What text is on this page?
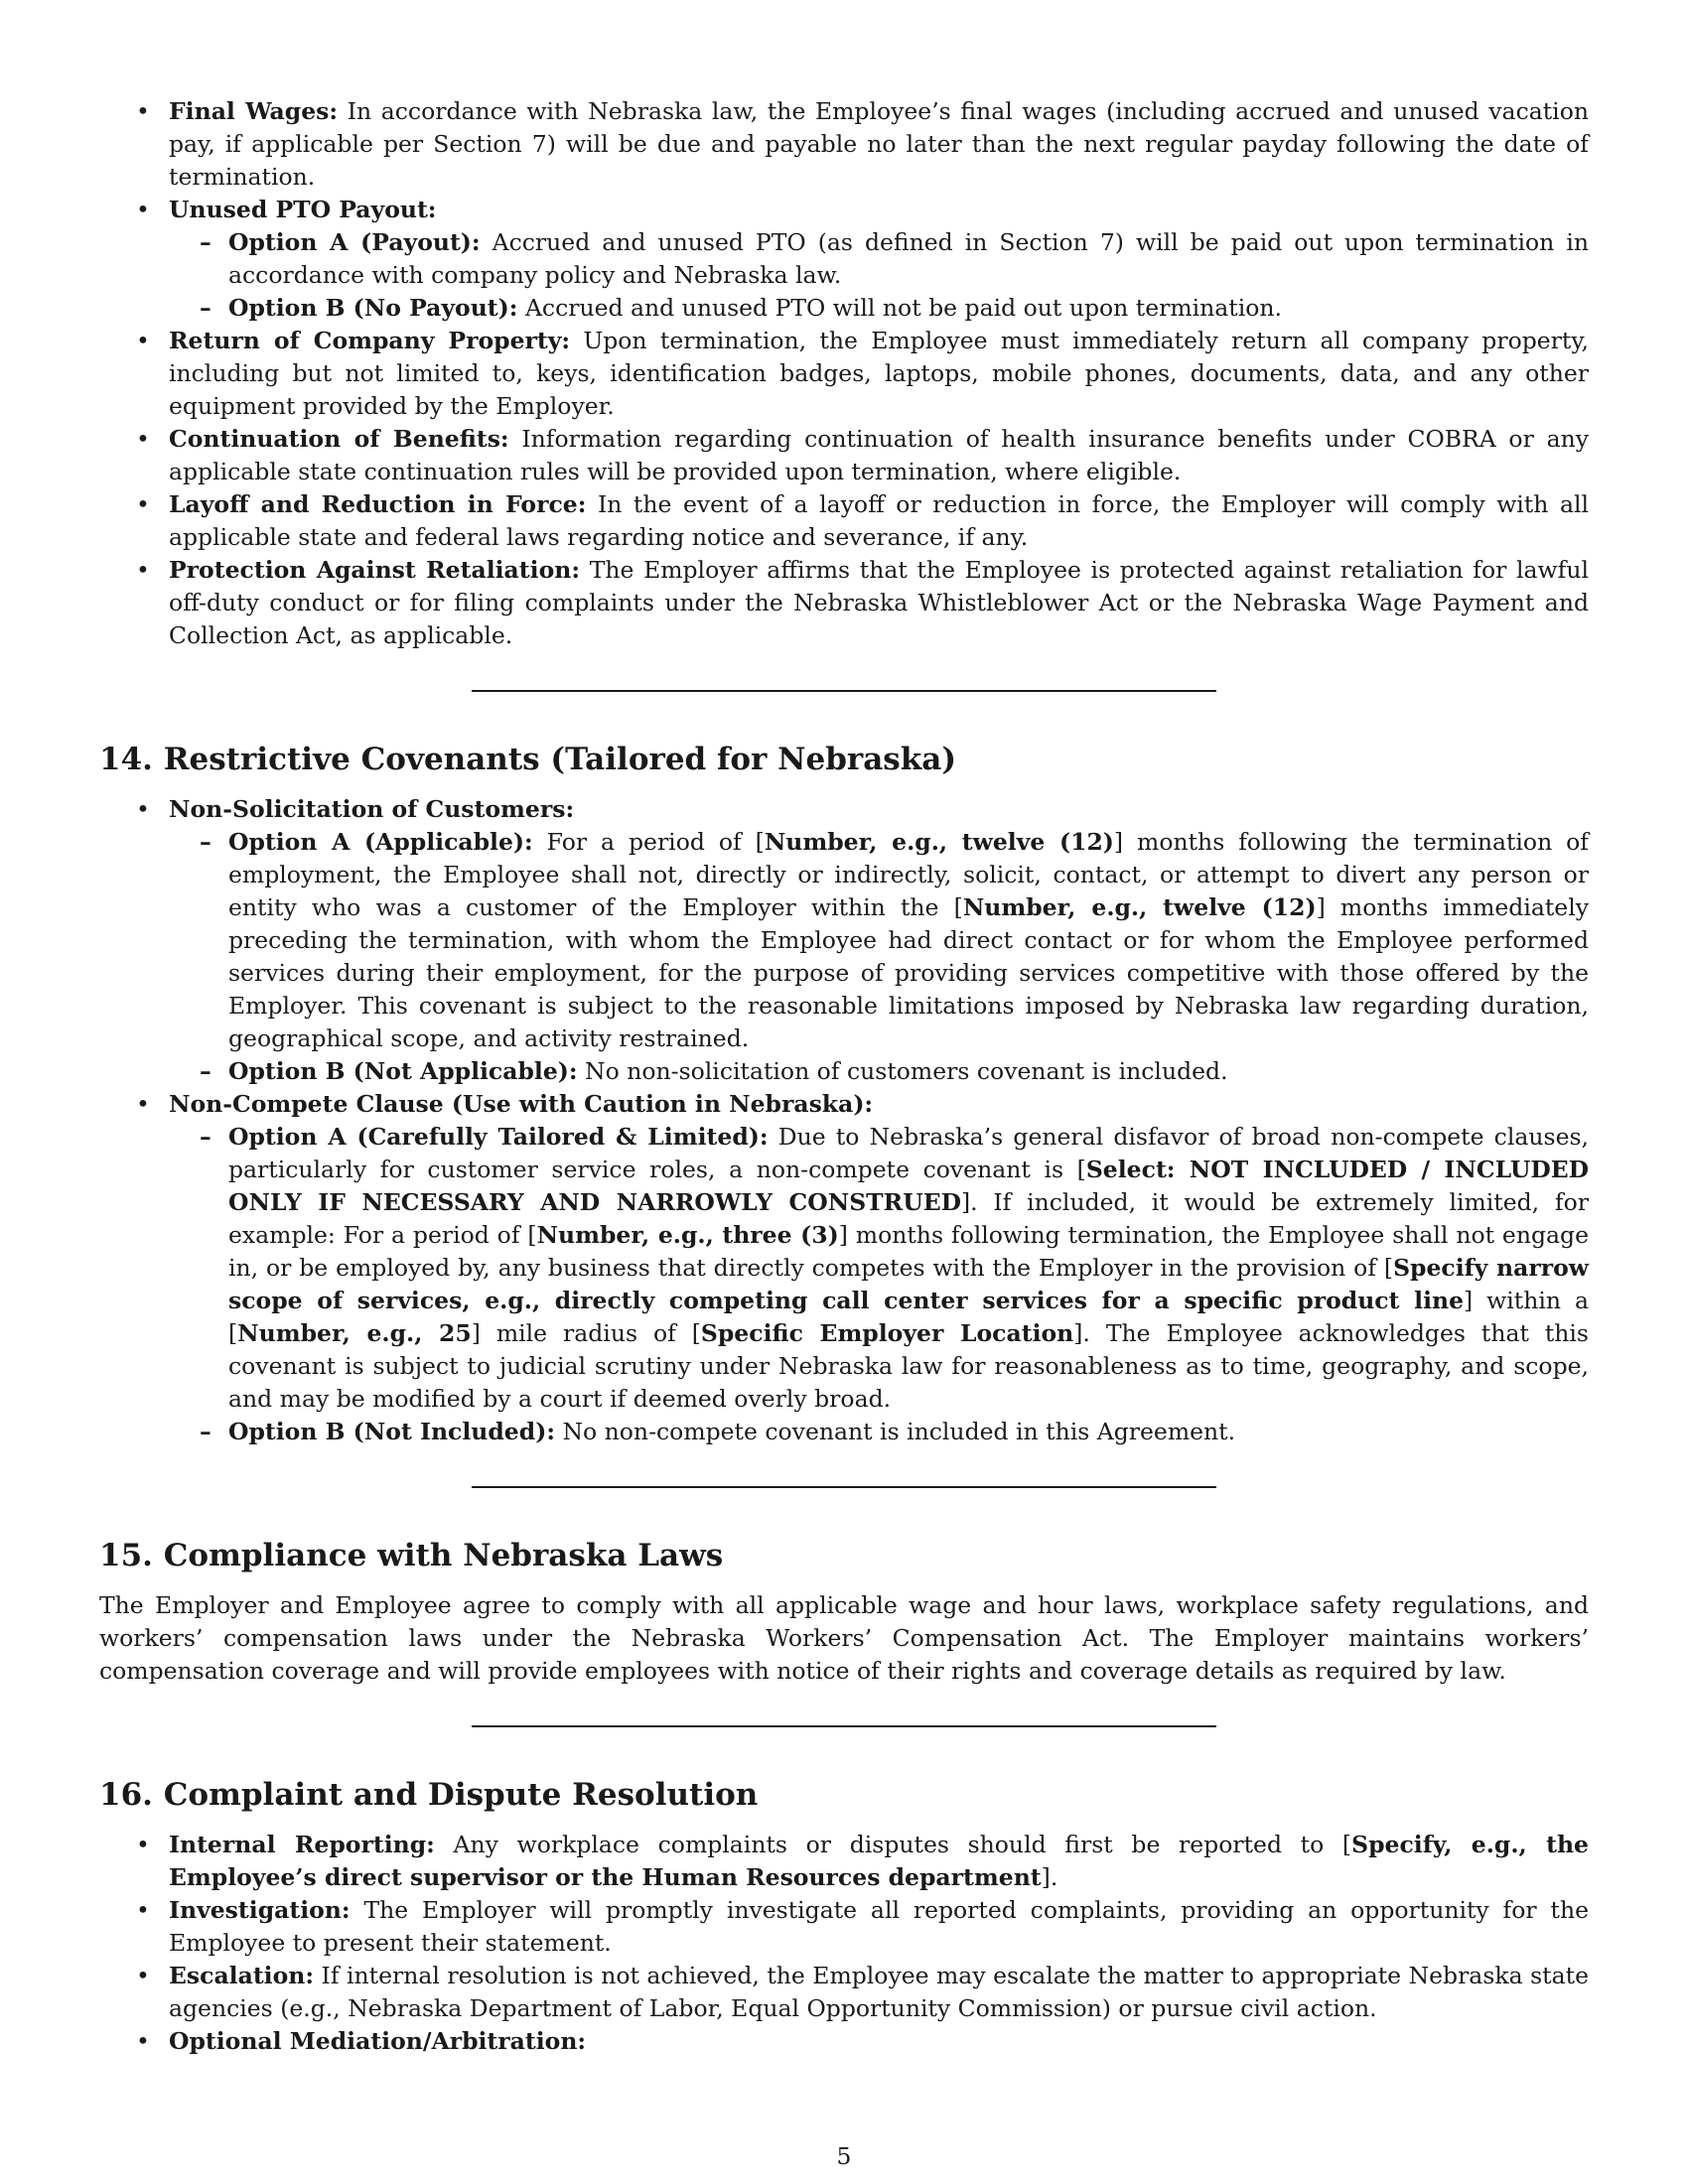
• Final Wages: In accordance with Nebraska law, the Employee’s final wages (including accrued and unused vacation pay, if applicable per Section 7) will be due and payable no later than the next regular payday following the date of termination.
• Unused PTO Payout:
– Option A (Payout): Accrued and unused PTO (as defined in Section 7) will be paid out upon termination in accordance with company policy and Nebraska law.
– Option B (No Payout): Accrued and unused PTO will not be paid out upon termination.
• Return of Company Property: Upon termination, the Employee must immediately return all company property, including but not limited to, keys, identification badges, laptops, mobile phones, documents, data, and any other equipment provided by the Employer.
• Continuation of Benefits: Information regarding continuation of health insurance benefits under COBRA or any applicable state continuation rules will be provided upon termination, where eligible.
• Layoff and Reduction in Force: In the event of a layoff or reduction in force, the Employer will comply with all applicable state and federal laws regarding notice and severance, if any.
• Protection Against Retaliation: The Employer affirms that the Employee is protected against retaliation for lawful off-duty conduct or for filing complaints under the Nebraska Whistleblower Act or the Nebraska Wage Payment and Collection Act, as applicable.
14. Restrictive Covenants (Tailored for Nebraska)
• Non-Solicitation of Customers:
– Option A (Applicable): For a period of [Number, e.g., twelve (12)] months following the termination of employment, the Employee shall not, directly or indirectly, solicit, contact, or attempt to divert any person or entity who was a customer of the Employer within the [Number, e.g., twelve (12)] months immediately preceding the termination, with whom the Employee had direct contact or for whom the Employee performed services during their employment, for the purpose of providing services competitive with those offered by the Employer. This covenant is subject to the reasonable limitations imposed by Nebraska law regarding duration, geographical scope, and activity restrained.
– Option B (Not Applicable): No non-solicitation of customers covenant is included.
• Non-Compete Clause (Use with Caution in Nebraska):
– Option A (Carefully Tailored & Limited): Due to Nebraska’s general disfavor of broad non-compete clauses, particularly for customer service roles, a non-compete covenant is [Select: NOT INCLUDED / INCLUDED ONLY IF NECESSARY AND NARROWLY CONSTRUED]. If included, it would be extremely limited, for example: For a period of [Number, e.g., three (3)] months following termination, the Employee shall not engage in, or be employed by, any business that directly competes with the Employer in the provision of [Specify narrow scope of services, e.g., directly competing call center services for a specific product line] within a [Number, e.g., 25] mile radius of [Specific Employer Location]. The Employee acknowledges that this covenant is subject to judicial scrutiny under Nebraska law for reasonableness as to time, geography, and scope, and may be modified by a court if deemed overly broad.
– Option B (Not Included): No non-compete covenant is included in this Agreement.
15. Compliance with Nebraska Laws

The Employer and Employee agree to comply with all applicable wage and hour laws, workplace safety regulations, and workers’ compensation laws under the Nebraska Workers’ Compensation Act. The Employer maintains workers’ compensation coverage and will provide employees with notice of their rights and coverage details as required by law.

16. Complaint and Dispute Resolution
• Internal Reporting: Any workplace complaints or disputes should first be reported to [Specify, e.g., the Employee’s direct supervisor or the Human Resources department].
• Investigation: The Employer will promptly investigate all reported complaints, providing an opportunity for the Employee to present their statement.
• Escalation: If internal resolution is not achieved, the Employee may escalate the matter to appropriate Nebraska state agencies (e.g., Nebraska Department of Labor, Equal Opportunity Commission) or pursue civil action.
• Optional Mediation/Arbitration:
5
